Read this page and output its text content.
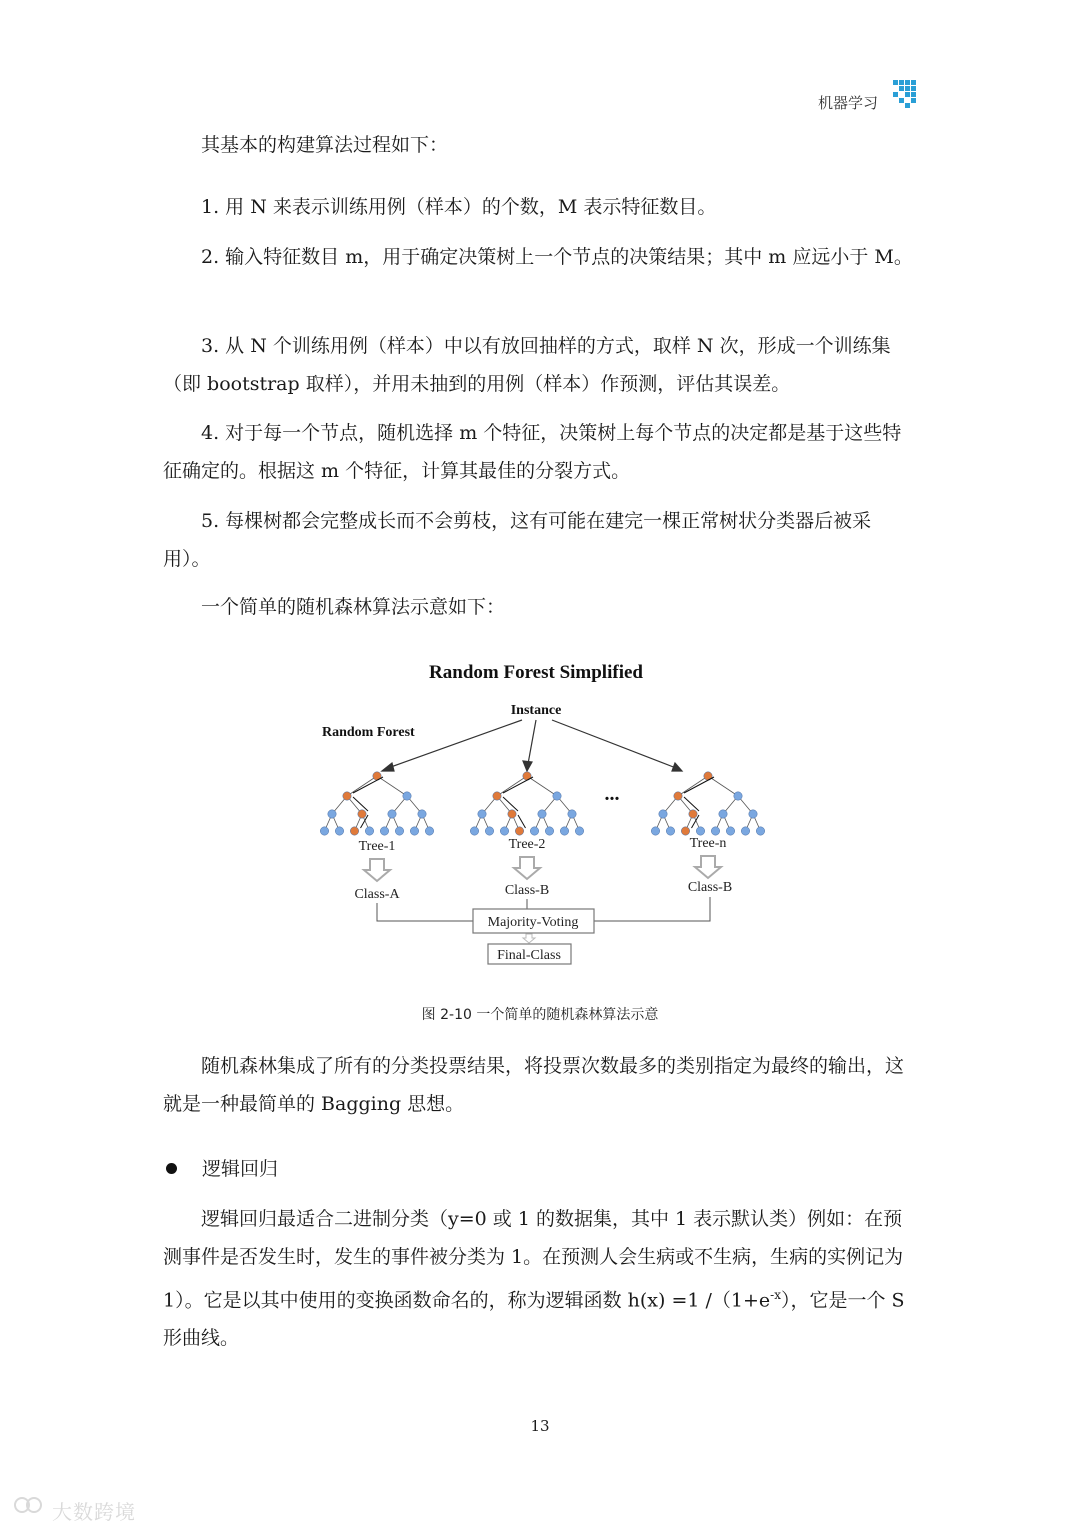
机器学习

其基本的构建算法过程如下：

1. 用 N 来表示训练用例（样本）的个数，M 表示特征数目。

2. 输入特征数目 m，用于确定决策树上一个节点的决策结果；其中 m 应远小于 M。

3. 从 N 个训练用例（样本）中以有放回抽样的方式，取样 N 次，形成一个训练集（即 bootstrap 取样），并用未抽到的用例（样本）作预测，评估其误差。

4. 对于每一个节点，随机选择 m 个特征，决策树上每个节点的决定都是基于这些特征确定的。根据这 m 个特征，计算其最佳的分裂方式。

5. 每棵树都会完整成长而不会剪枝，这有可能在建完一棵正常树状分类器后被采用）。

一个简单的随机森林算法示意如下：

Random Forest Simplified
Instance
Random Forest
...
Tree-1	Tree-2	Tree-n
Class-A	Class-B	Class-B
Majority-Voting
Final-Class
图 2-10 一个简单的随机森林算法示意

随机森林集成了所有的分类投票结果，将投票次数最多的类别指定为最终的输出，这就是一种最简单的 Bagging 思想。

逻辑回归

逻辑回归最适合二进制分类（y=0 或 1 的数据集，其中 1 表示默认类）例如：在预测事件是否发生时，发生的事件被分类为 1。在预测人会生病或不生病，生病的实例记为 1）。它是以其中使用的变换函数命名的，称为逻辑函数 h(x) =1 $/(1+e^{-x})$，它是一个 S 形曲线。

13
大数跨境
